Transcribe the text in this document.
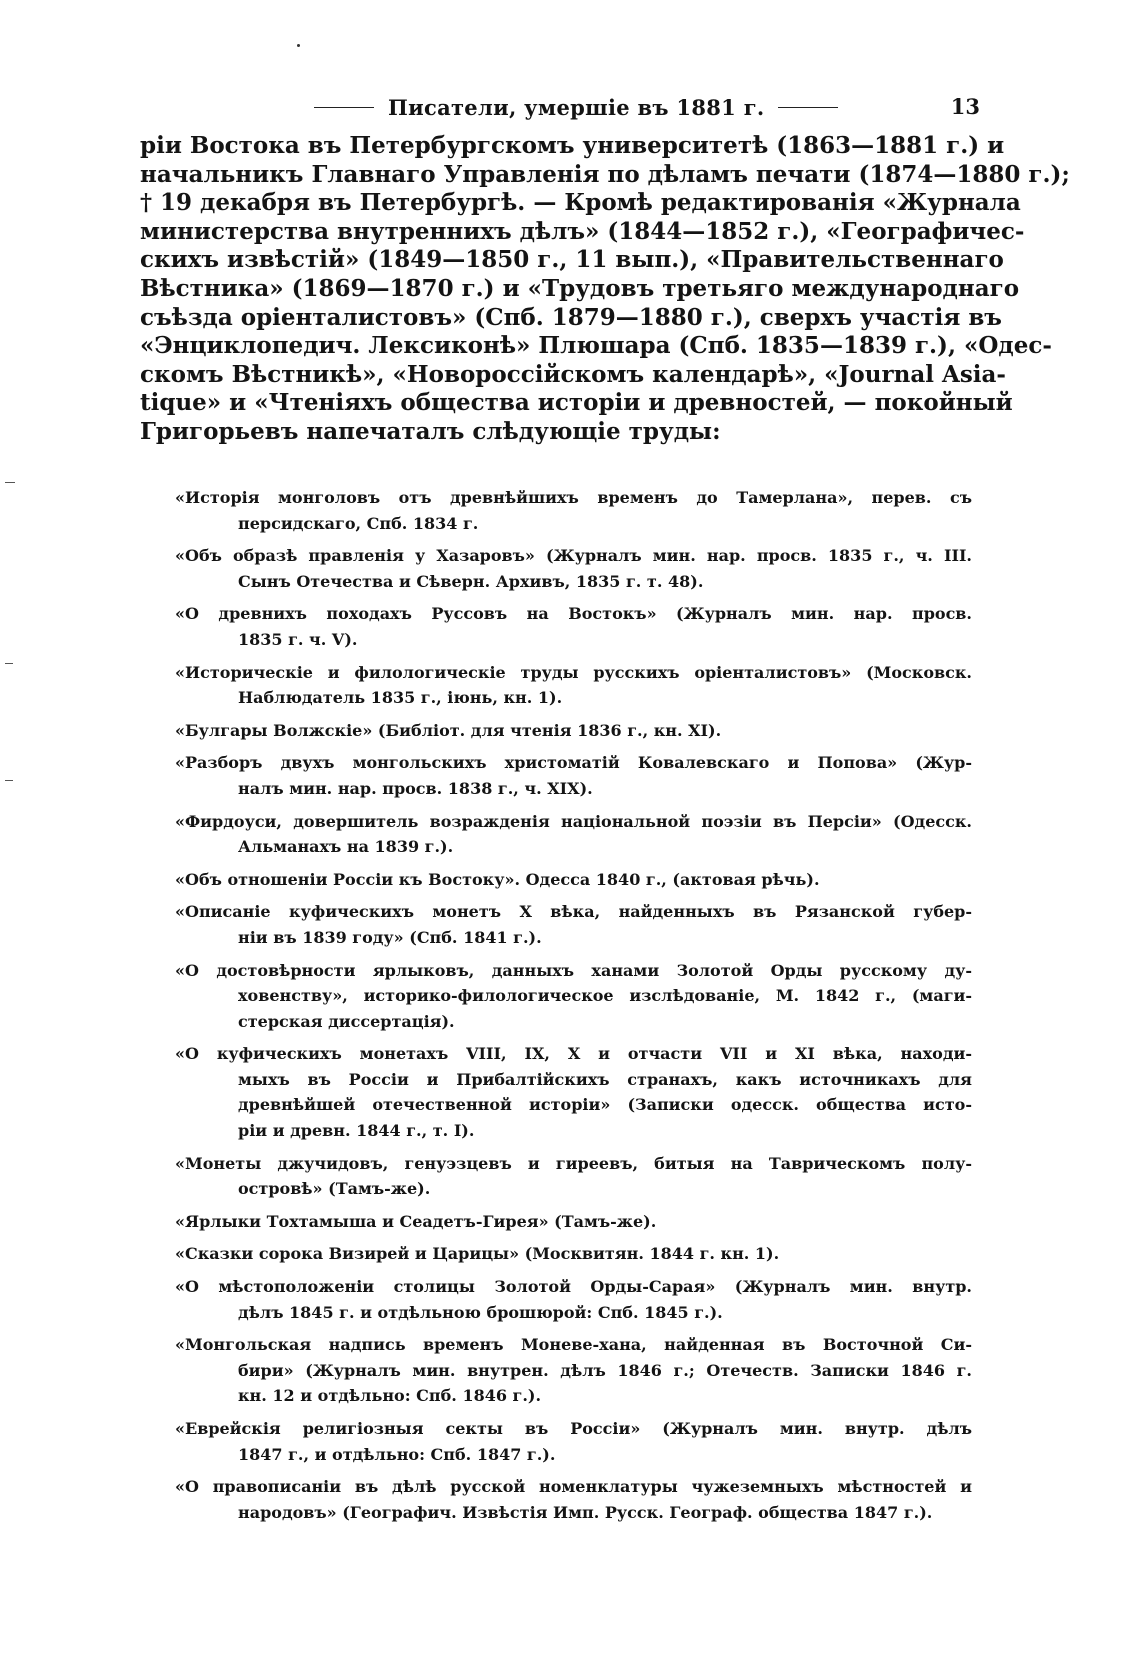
Писатели, умершіе въ 1881 г.	13
ріи Востока въ Петербургскомъ университетѣ (1863—1881 г.) и
начальникъ Главнаго Управленія по дѣламъ печати (1874—1880 г.);
† 19 декабря въ Петербургѣ. — Кромѣ редактированія «Журнала
министерства внутреннихъ дѣлъ» (1844—1852 г.), «Географичес-
скихъ извѣстій» (1849—1850 г., 11 вып.), «Правительственнаго
Вѣстника» (1869—1870 г.) и «Трудовъ третьяго международнаго
съѣзда оріенталистовъ» (Спб. 1879—1880 г.), сверхъ участія въ
«Энциклопедич. Лексиконѣ» Плюшара (Спб. 1835—1839 г.), «Одес-
скомъ Вѣстникѣ», «Новороссійскомъ календарѣ», «Journal Asia-
tique» и «Чтеніяхъ общества исторіи и древностей, — покойный
Григорьевъ напечаталъ слѣдующіе труды:
«Исторія монголовъ отъ древнѣйшихъ временъ до Тамерлана», перев. съ
персидскаго, Спб. 1834 г.
«Объ образѣ правленія у Хазаровъ» (Журналъ мин. нар. просв. 1835 г., ч. III.
Сынъ Отечества и Сѣверн. Архивъ, 1835 г. т. 48).
«О древнихъ походахъ Руссовъ на Востокъ» (Журналъ мин. нар. просв.
1835 г. ч. V).
«Историческіе и филологическіе труды русскихъ оріенталистовъ» (Московск.
Наблюдатель 1835 г., іюнь, кн. 1).
«Булгары Волжскіе» (Библіот. для чтенія 1836 г., кн. XI).
«Разборъ двухъ монгольскихъ христоматій Ковалевскаго и Попова» (Жур-
налъ мин. нар. просв. 1838 г., ч. XIX).
«Фирдоуси, довершитель возражденія національной поэзіи въ Персіи» (Одесск.
Альманахъ на 1839 г.).
«Объ отношеніи Россіи къ Востоку». Одесса 1840 г., (актовая рѣчь).
«Описаніе куфическихъ монетъ X вѣка, найденныхъ въ Рязанской губер-
ніи въ 1839 году» (Спб. 1841 г.).
«О достовѣрности ярлыковъ, данныхъ ханами Золотой Орды русскому ду-
ховенству», историко-филологическое изслѣдованіе, М. 1842 г., (маги-
стерская диссертація).
«О куфическихъ монетахъ VIII, IX, X и отчасти VII и XI вѣка, находи-
мыхъ въ Россіи и Прибалтійскихъ странахъ, какъ источникахъ для
древнѣйшей отечественной исторіи» (Записки одесск. общества исто-
ріи и древн. 1844 г., т. I).
«Монеты джучидовъ, генуэзцевъ и гиреевъ, битыя на Таврическомъ полу-
островѣ» (Тамъ-же).
«Ярлыки Тохтамыша и Сеадетъ-Гирея» (Тамъ-же).
«Сказки сорока Визирей и Царицы» (Москвитян. 1844 г. кн. 1).
«О мѣстоположеніи столицы Золотой Орды-Сарая» (Журналъ мин. внутр.
дѣлъ 1845 г. и отдѣльною брошюрой: Спб. 1845 г.).
«Монгольская надпись временъ Моневе-хана, найденная въ Восточной Си-
бири» (Журналъ мин. внутрен. дѣлъ 1846 г.; Отечеств. Записки 1846 г.
кн. 12 и отдѣльно: Спб. 1846 г.).
«Еврейскія религіозныя секты въ Россіи» (Журналъ мин. внутр. дѣлъ
1847 г., и отдѣльно: Спб. 1847 г.).
«О правописаніи въ дѣлѣ русской номенклатуры чужеземныхъ мѣстностей и
народовъ» (Географич. Извѣстія Имп. Русск. Географ. общества 1847 г.).
